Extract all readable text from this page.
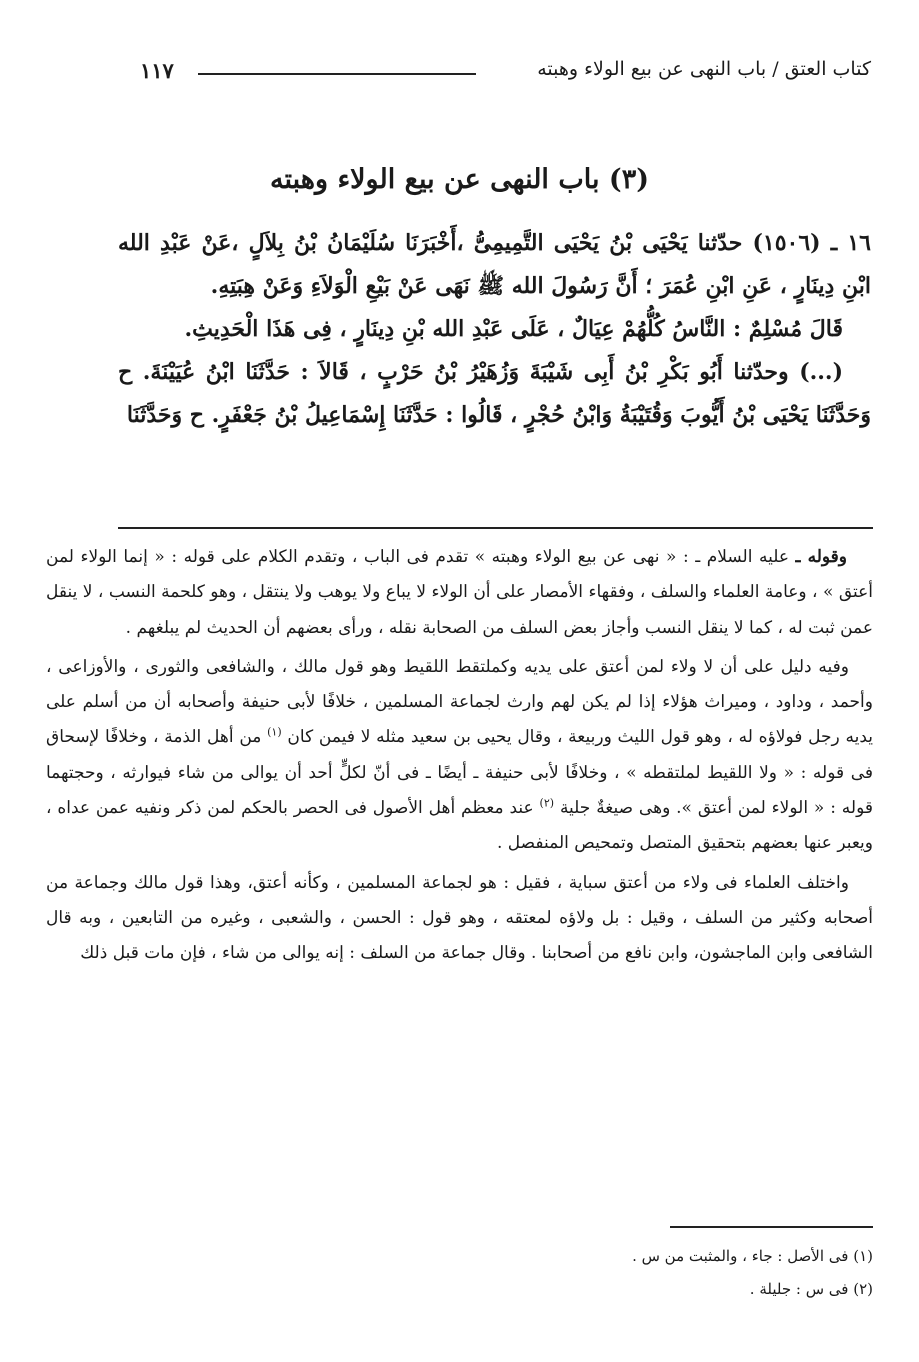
كتاب العتق / باب النهى عن بيع الولاء وهبته
١١٧
(٣) باب النهى عن بيع الولاء وهبته

١٦ ـ (١٥٠٦) حدّثنا يَحْيَى بْنُ يَحْيَى التَّمِيمِىُّ ،أَخْبَرَنَا سُلَيْمَانُ بْنُ بِلاَلٍ ،عَنْ عَبْدِ الله ابْنِ دِينَارٍ ، عَنِ ابْنِ عُمَرَ ؛ أَنَّ رَسُولَ الله ﷺ نَهَى عَنْ بَيْعِ الْوَلاَءِ وَعَنْ هِبَتِهِ.

قَالَ مُسْلِمٌ : النَّاسُ كُلُّهُمْ عِيَالٌ ، عَلَى عَبْدِ الله بْنِ دِينَارٍ ، فِى هَذَا الْحَدِيثِ.

(...) وحدّثنا أَبُو بَكْرِ بْنُ أَبِى شَيْبَةَ وَزُهَيْرُ بْنُ حَرْبٍ ، قَالاَ : حَدَّثَنَا ابْنُ عُيَيْنَةَ. ح وَحَدَّثَنَا يَحْيَى بْنُ أَيُّوبَ وَقُتَيْبَةُ وَابْنُ حُجْرٍ ، قَالُوا : حَدَّثَنَا إِسْمَاعِيلُ بْنُ جَعْفَرٍ. ح وَحَدَّثَنَا

وقوله ـ عليه السلام ـ : « نهى عن بيع الولاء وهبته » تقدم فى الباب ، وتقدم الكلام على قوله : « إنما الولاء لمن أعتق » ، وعامة العلماء والسلف ، وفقهاء الأمصار على أن الولاء لا يباع ولا يوهب ولا ينتقل ، وهو كلحمة النسب ، لا ينقل عمن ثبت له ، كما لا ينقل النسب وأجاز بعض السلف من الصحابة نقله ، ورأى بعضهم أن الحديث لم يبلغهم .

وفيه دليل على أن لا ولاء لمن أعتق على يديه وكملتقط اللقيط وهو قول مالك ، والشافعى والثورى ، والأوزاعى ، وأحمد ، وداود ، وميراث هؤلاء إذا لم يكن لهم وارث لجماعة المسلمين ، خلافًا لأبى حنيفة وأصحابه أن من أسلم على يديه رجل فولاؤه له ، وهو قول الليث وربيعة ، وقال يحيى بن سعيد مثله لا فيمن كان $^{(١)}$ من أهل الذمة ، وخلافًا لإسحاق فى قوله : « ولا اللقيط لملتقطه » ، وخلافًا لأبى حنيفة ـ أيضًا ـ فى أنّ لكلٍّ أحد أن يوالى من شاء فيوارثه ، وحجتهما قوله : « الولاء لمن أعتق ». وهى صيغةٌ جلية $^{(٢)}$ عند معظم أهل الأصول فى الحصر بالحكم لمن ذكر ونفيه عمن عداه ، ويعبر عنها بعضهم بتحقيق المتصل وتمحيص المنفصل .

واختلف العلماء فى ولاء من أعتق سباية ، فقيل : هو لجماعة المسلمين ، وكأنه أعتق، وهذا قول مالك وجماعة من أصحابه وكثير من السلف ، وقيل : بل ولاؤه لمعتقه ، وهو قول : الحسن ، والشعبى ، وغيره من التابعين ، وبه قال الشافعى وابن الماجشون، وابن نافع من أصحابنا . وقال جماعة من السلف : إنه يوالى من شاء ، فإن مات قبل ذلك

(١) فى الأصل : جاء ، والمثبت من س .
(٢) فى س : جليلة .
